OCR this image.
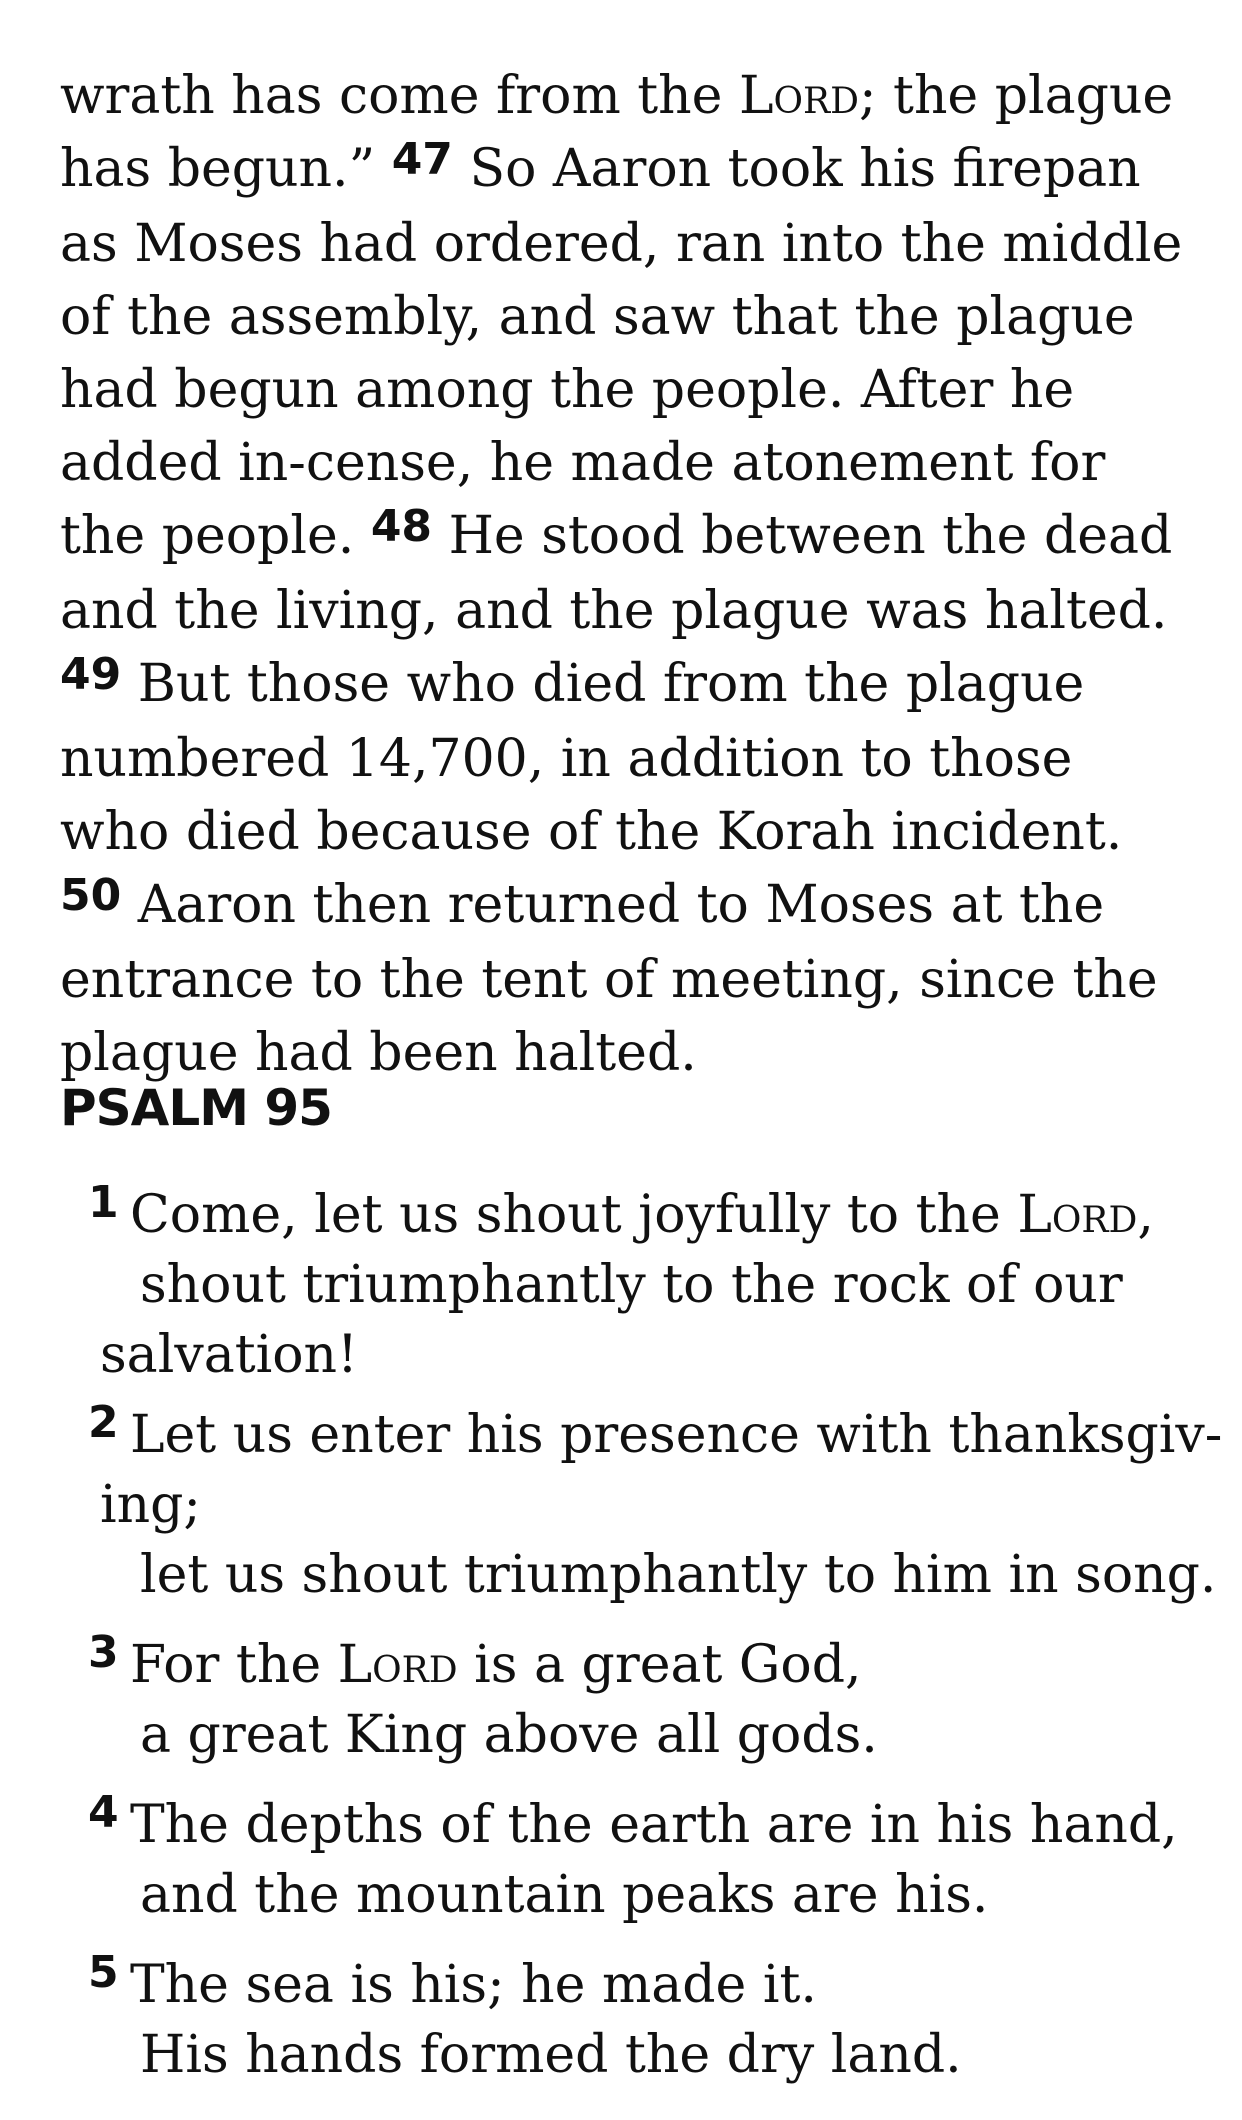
wrath has come from the Lord; the plague has begun.” $^{47}$ So Aaron took his firepan as Moses had ordered, ran into the middle of the assembly, and saw that the plague had begun among the people. After he added in-cense, he made atonement for the people. $^{48}$ He stood between the dead and the living, and the plague was halted. $^{49}$ But those who died from the plague numbered 14,700, in addition to those who died because of the Korah incident. $^{50}$ Aaron then returned to Moses at the entrance to the tent of meeting, since the plague had been halted.
PSALM 95
1 Come, let us shout joyfully to the Lord,
shout triumphantly to the rock of our
salvation!
2 Let us enter his presence with thanksgiv-
ing;
let us shout triumphantly to him in song.
3 For the Lord is a great God,
a great King above all gods.
4 The depths of the earth are in his hand,
and the mountain peaks are his.
5 The sea is his; he made it.
His hands formed the dry land.
